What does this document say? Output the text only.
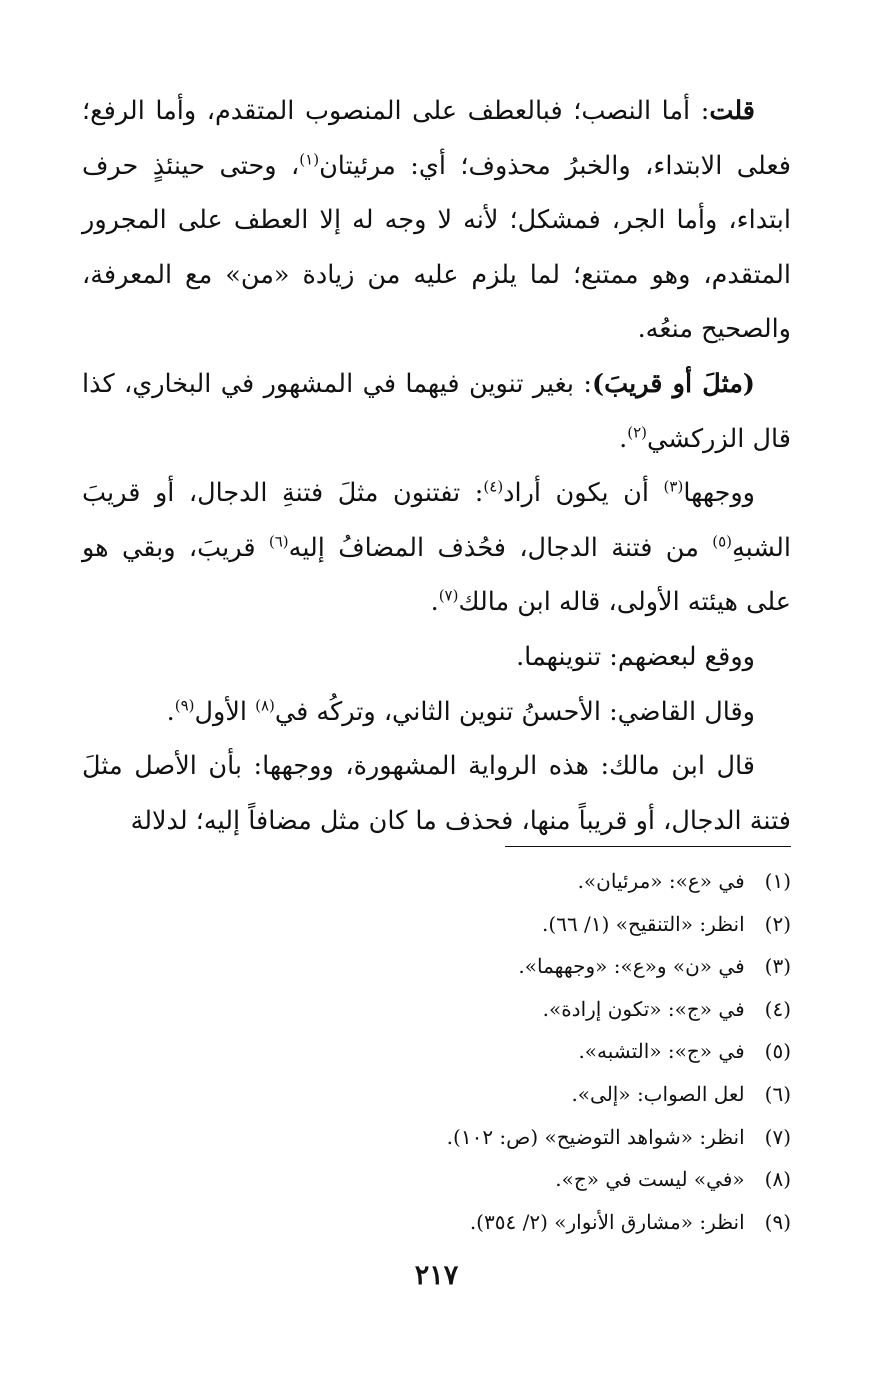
قلت: أما النصب؛ فبالعطف على المنصوب المتقدم، وأما الرفع؛ فعلى الابتداء، والخبرُ محذوف؛ أي: مرئيتان$^{(١)}$، وحتى حينئذٍ حرف ابتداء، وأما الجر، فمشكل؛ لأنه لا وجه له إلا العطف على المجرور المتقدم، وهو ممتنع؛ لما يلزم عليه من زيادة «من» مع المعرفة، والصحيح منعُه.

(مثلَ أو قريبَ): بغير تنوين فيهما في المشهور في البخاري، كذا قال الزركشي$^{(٢)}$.

ووجهها$^{(٣)}$ أن يكون أراد$^{(٤)}$: تفتنون مثلَ فتنةِ الدجال، أو قريبَ الشبهِ$^{(٥)}$ من فتنة الدجال، فحُذف المضافُ إليه$^{(٦)}$ قريبَ، وبقي هو على هيئته الأولى، قاله ابن مالك$^{(٧)}$.

ووقع لبعضهم: تنوينهما.

وقال القاضي: الأحسنُ تنوين الثاني، وتركُه في$^{(٨)}$ الأول$^{(٩)}$.

قال ابن مالك: هذه الرواية المشهورة، ووجهها: بأن الأصل مثلَ فتنة الدجال، أو قريباً منها، فحذف ما كان مثل مضافاً إليه؛ لدلالة

(١) في «ع»: «مرئيان».
(٢) انظر: «التنقيح» (١/ ٦٦).
(٣) في «ن» و«ع»: «وجههما».
(٤) في «ج»: «تكون إرادة».
(٥) في «ج»: «التشبه».
(٦) لعل الصواب: «إلى».
(٧) انظر: «شواهد التوضيح» (ص: ١٠٢).
(٨) «في» ليست في «ج».
(٩) انظر: «مشارق الأنوار» (٢/ ٣٥٤).
٢١٧
